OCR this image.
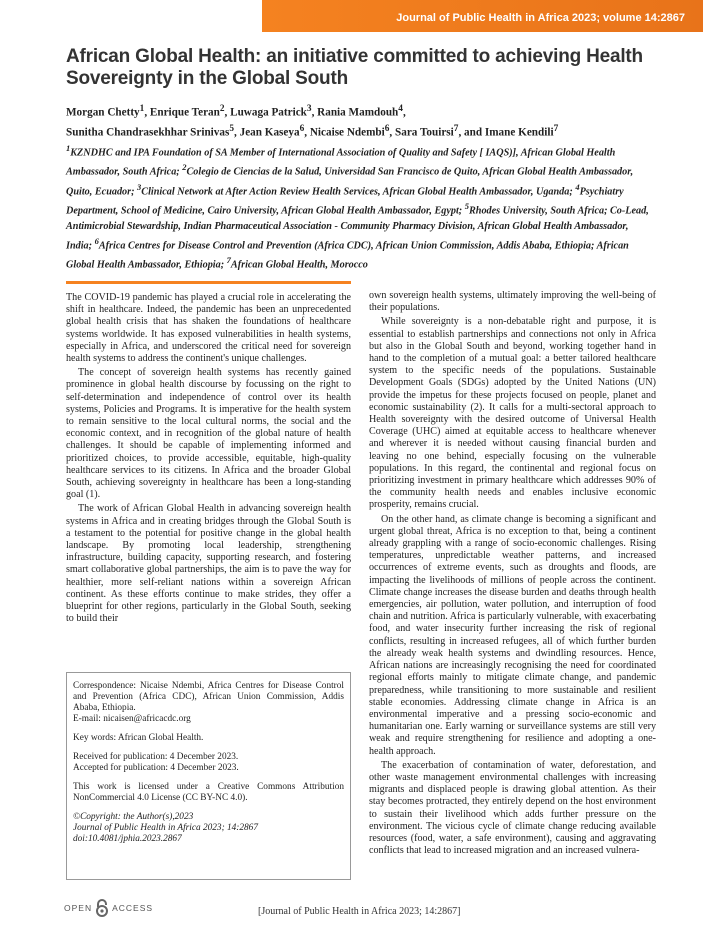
Journal of Public Health in Africa 2023; volume 14:2867
African Global Health: an initiative committed to achieving Health Sovereignty in the Global South
Morgan Chetty$^1$, Enrique Teran$^2$, Luwaga Patrick$^3$, Rania Mamdouh$^4$,
Sunitha Chandrasekhhar Srinivas$^5$, Jean Kaseya$^6$, Nicaise Ndembi$^6$, Sara Touirsi$^7$, and Imane Kendili$^7$
$^1$KZNDHC and IPA Foundation of SA Member of International Association of Quality and Safety [ IAQS)], African Global Health Ambassador, South Africa; $^2$Colegio de Ciencias de la Salud, Universidad San Francisco de Quito, African Global Health Ambassador, Quito, Ecuador; $^3$Clinical Network at After Action Review Health Services, African Global Health Ambassador, Uganda; $^4$Psychiatry Department, School of Medicine, Cairo University, African Global Health Ambassador, Egypt; $^5$Rhodes University, South Africa; Co-Lead, Antimicrobial Stewardship, Indian Pharmaceutical Association - Community Pharmacy Division, African Global Health Ambassador, India; $^6$Africa Centres for Disease Control and Prevention (Africa CDC), African Union Commission, Addis Ababa, Ethiopia; African Global Health Ambassador, Ethiopia; $^7$African Global Health, Morocco

The COVID-19 pandemic has played a crucial role in accelerating the shift in healthcare. Indeed, the pandemic has been an unprecedented global health crisis that has shaken the foundations of healthcare systems worldwide. It has exposed vulnerabilities in health systems, especially in Africa, and underscored the critical need for sovereign health systems to address the continent's unique challenges.

The concept of sovereign health systems has recently gained prominence in global health discourse by focussing on the right to self-determination and independence of control over its health systems, Policies and Programs. It is imperative for the health system to remain sensitive to the local cultural norms, the social and the economic context, and in recognition of the global nature of health challenges. It should be capable of implementing informed and prioritized choices, to provide accessible, equitable, high-quality healthcare services to its citizens. In Africa and the broader Global South, achieving sovereignty in healthcare has been a long-standing goal (1).

The work of African Global Health in advancing sovereign health systems in Africa and in creating bridges through the Global South is a testament to the potential for positive change in the global health landscape. By promoting local leadership, strengthening infrastructure, building capacity, supporting research, and fostering smart collaborative global partnerships, the aim is to pave the way for healthier, more self-reliant nations within a sovereign African continent. As these efforts continue to make strides, they offer a blueprint for other regions, particularly in the Global South, seeking to build their

own sovereign health systems, ultimately improving the well-being of their populations.

While sovereignty is a non-debatable right and purpose, it is essential to establish partnerships and connections not only in Africa but also in the Global South and beyond, working together hand in hand to the completion of a mutual goal: a better tailored healthcare system to the specific needs of the populations. Sustainable Development Goals (SDGs) adopted by the United Nations (UN) provide the impetus for these projects focused on people, planet and economic sustainability (2). It calls for a multi-sectoral approach to Health sovereignty with the desired outcome of Universal Health Coverage (UHC) aimed at equitable access to healthcare whenever and wherever it is needed without causing financial burden and leaving no one behind, especially focusing on the vulnerable populations. In this regard, the continental and regional focus on prioritizing investment in primary healthcare which addresses 90% of the community health needs and enables inclusive economic prosperity, remains crucial.

On the other hand, as climate change is becoming a significant and urgent global threat, Africa is no exception to that, being a continent already grappling with a range of socio-economic challenges. Rising temperatures, unpredictable weather patterns, and increased occurrences of extreme events, such as droughts and floods, are impacting the livelihoods of millions of people across the continent. Climate change increases the disease burden and deaths through health emergencies, air pollution, water pollution, and interruption of food chain and nutrition. Africa is particularly vulnerable, with exacerbating food, and water insecurity further increasing the risk of regional conflicts, resulting in increased refugees, all of which further burden the already weak health systems and dwindling resources. Hence, African nations are increasingly recognising the need for coordinated regional efforts mainly to mitigate climate change, and pandemic preparedness, while transitioning to more sustainable and resilient stable economies. Addressing climate change in Africa is an environmental imperative and a pressing socio-economic and humanitarian one. Early warning or surveillance systems are still very weak and require strengthening for resilience and adopting a one-health approach.

The exacerbation of contamination of water, deforestation, and other waste management environmental challenges with increasing migrants and displaced people is drawing global attention. As their stay becomes protracted, they entirely depend on the host environment to sustain their livelihood which adds further pressure on the environment. The vicious cycle of climate change reducing available resources (food, water, a safe environment), causing and aggravating conflicts that lead to increased migration and an increased vulnera-

Correspondence: Nicaise Ndembi, Africa Centres for Disease Control and Prevention (Africa CDC), African Union Commission, Addis Ababa, Ethiopia.

E-mail: nicaisen@africacdc.org

Key words: African Global Health.

Received for publication: 4 December 2023.

Accepted for publication: 4 December 2023.

This work is licensed under a Creative Commons Attribution NonCommercial 4.0 License (CC BY-NC 4.0).

©Copyright: the Author(s),2023

Journal of Public Health in Africa 2023; 14:2867

doi:10.4081/jphia.2023.2867

OPEN ACCESS	[Journal of Public Health in Africa 2023; 14:2867]
